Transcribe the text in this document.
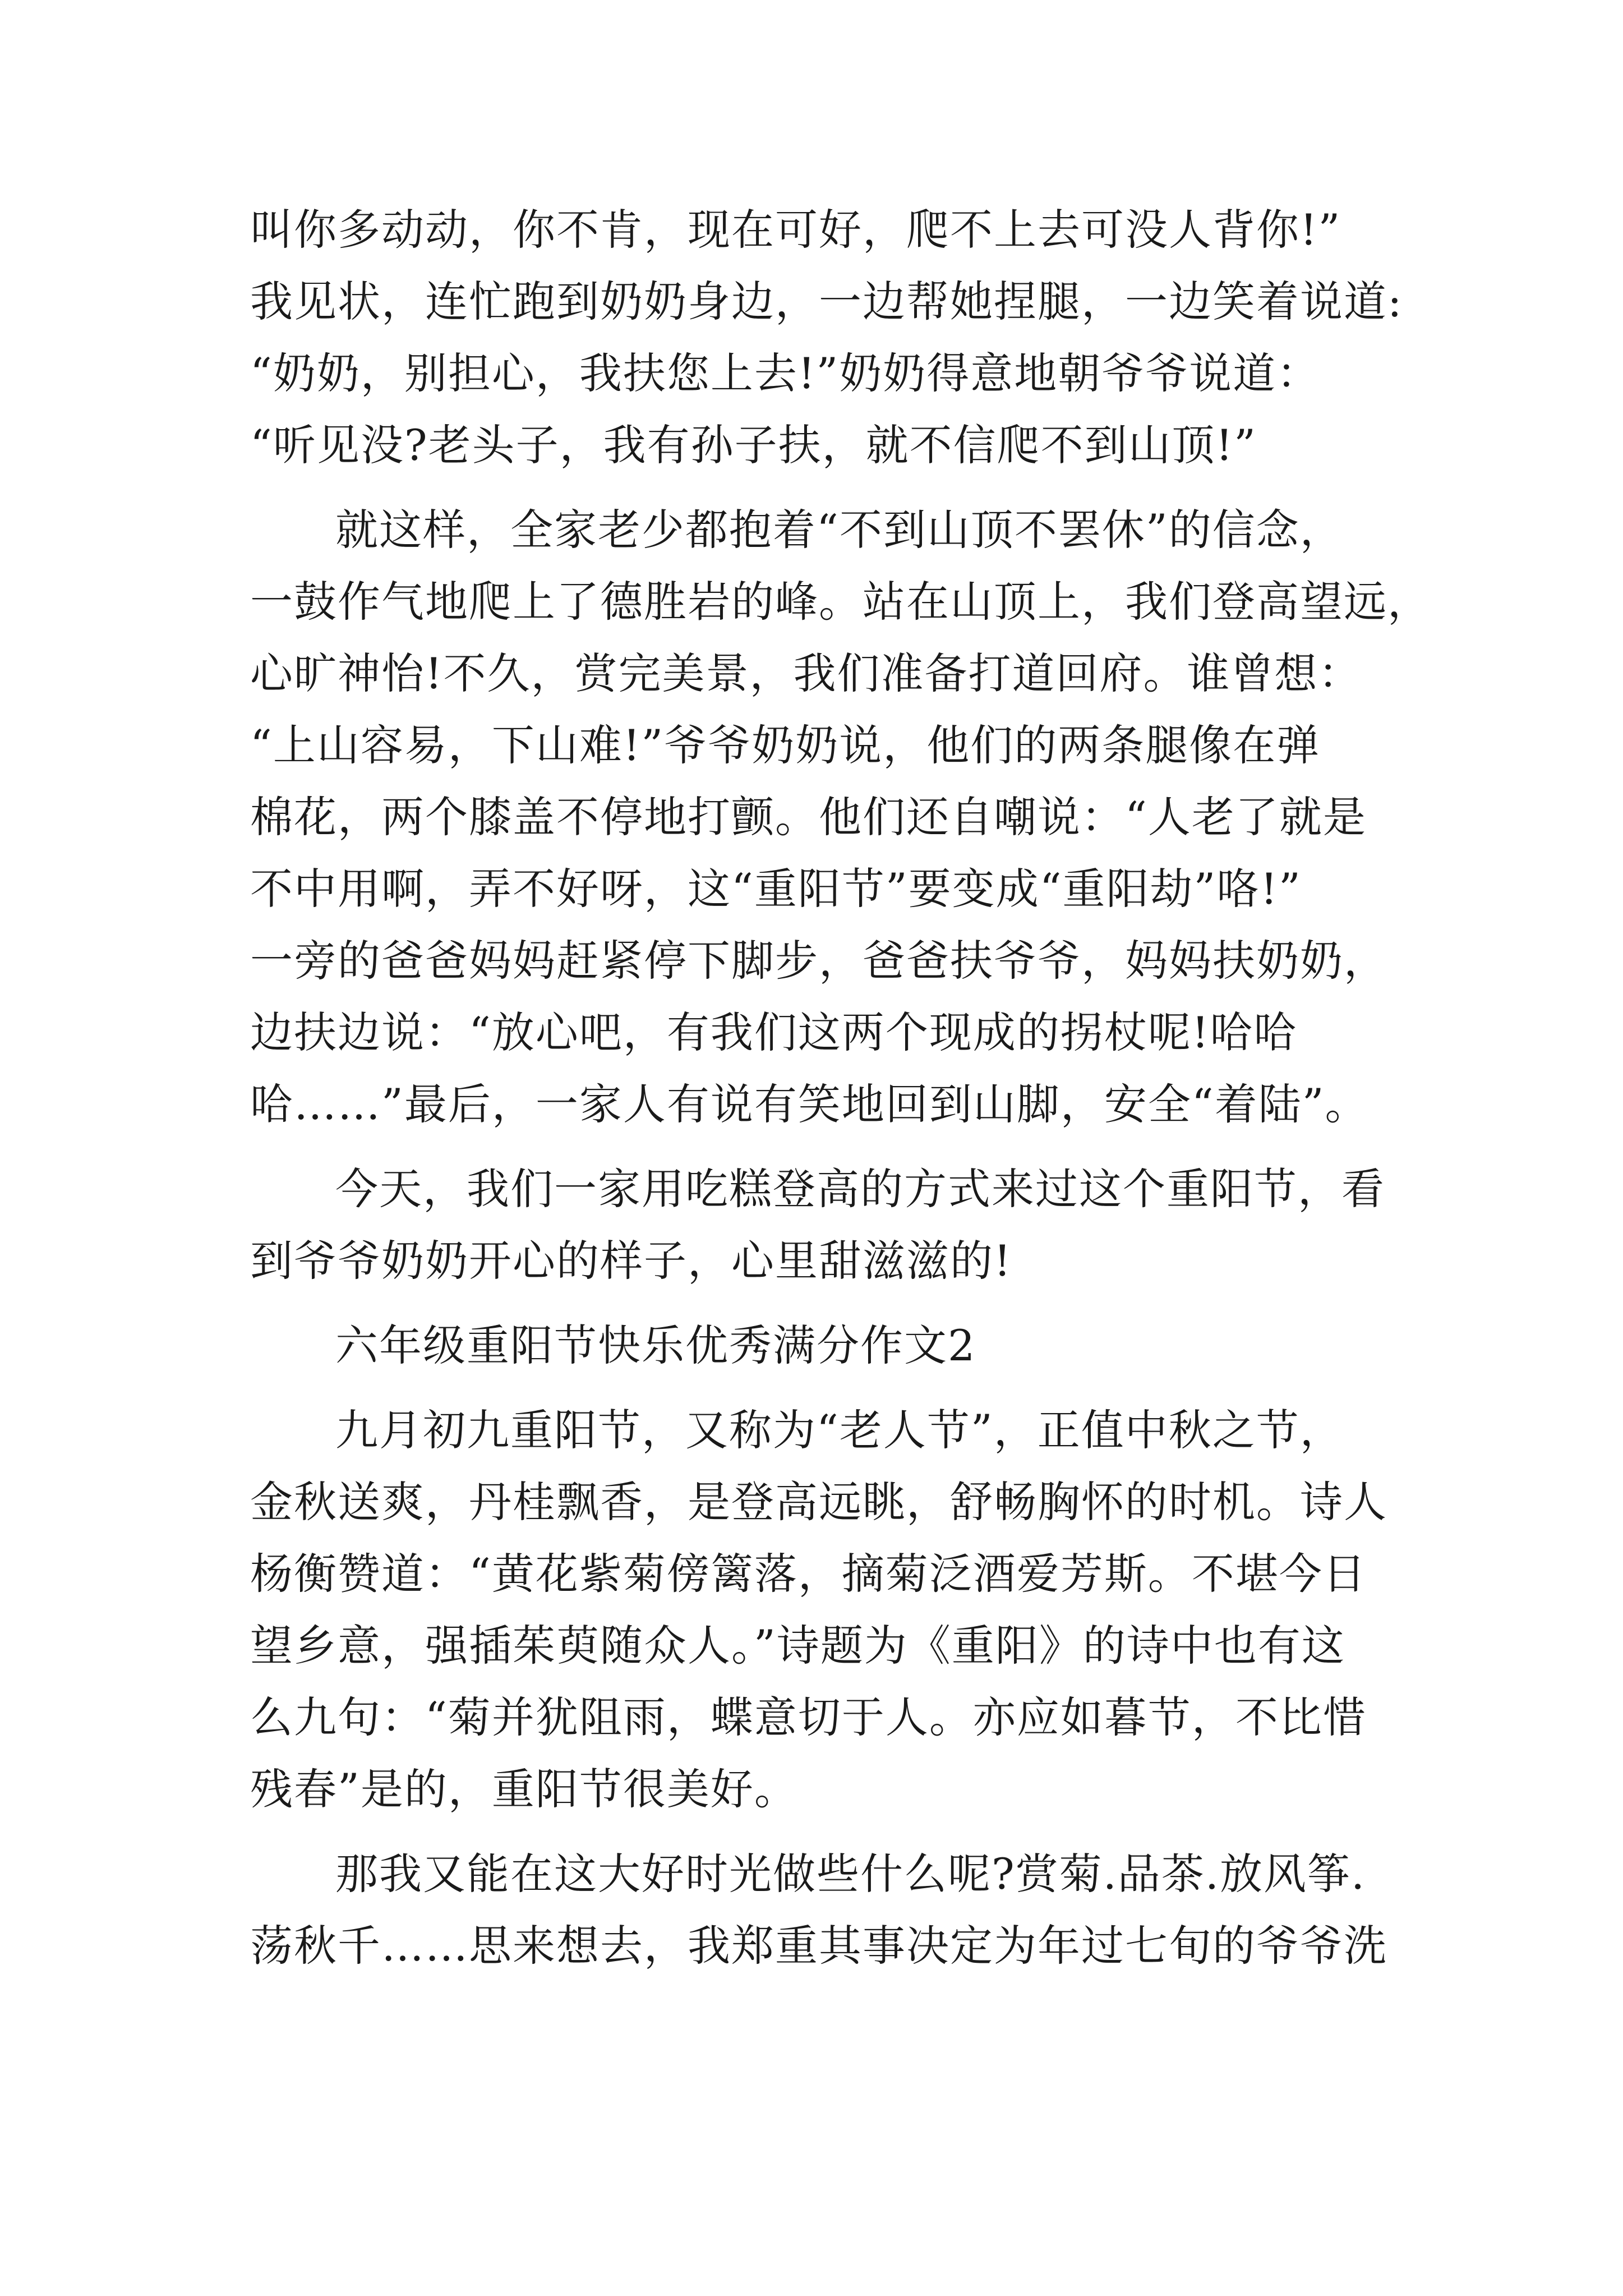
叫你多动动，你不肯，现在可好，爬不上去可没人背你!”
我见状，连忙跑到奶奶身边，一边帮她捏腿，一边笑着说道:
“奶奶，别担心，我扶您上去!”奶奶得意地朝爷爷说道：
“听见没?老头子，我有孙子扶，就不信爬不到山顶!”
就这样，全家老少都抱着“不到山顶不罢休”的信念，
一鼓作气地爬上了德胜岩的峰。站在山顶上，我们登高望远，
心旷神怡!不久，赏完美景，我们准备打道回府。谁曾想：
“上山容易，下山难!”爷爷奶奶说，他们的两条腿像在弹
棉花，两个膝盖不停地打颤。他们还自嘲说：“人老了就是
不中用啊，弄不好呀，这“重阳节”要变成“重阳劫”咯!”
一旁的爸爸妈妈赶紧停下脚步，爸爸扶爷爷，妈妈扶奶奶，
边扶边说：“放心吧，有我们这两个现成的拐杖呢!哈哈
哈……”最后，一家人有说有笑地回到山脚，安全“着陆”。
今天，我们一家用吃糕登高的方式来过这个重阳节，看
到爷爷奶奶开心的样子，心里甜滋滋的!
六年级重阳节快乐优秀满分作文2
九月初九重阳节，又称为“老人节”，正值中秋之节，
金秋送爽，丹桂飘香，是登高远眺，舒畅胸怀的时机。诗人
杨衡赞道：“黄花紫菊傍篱落，摘菊泛酒爱芳斯。不堪今日
望乡意，强插茱萸随众人。”诗题为《重阳》的诗中也有这
么九句：“菊并犹阻雨，蝶意切于人。亦应如暮节，不比惜
残春”是的，重阳节很美好。
那我又能在这大好时光做些什么呢?赏菊.品茶.放风筝.
荡秋千……思来想去，我郑重其事决定为年过七旬的爷爷洗
